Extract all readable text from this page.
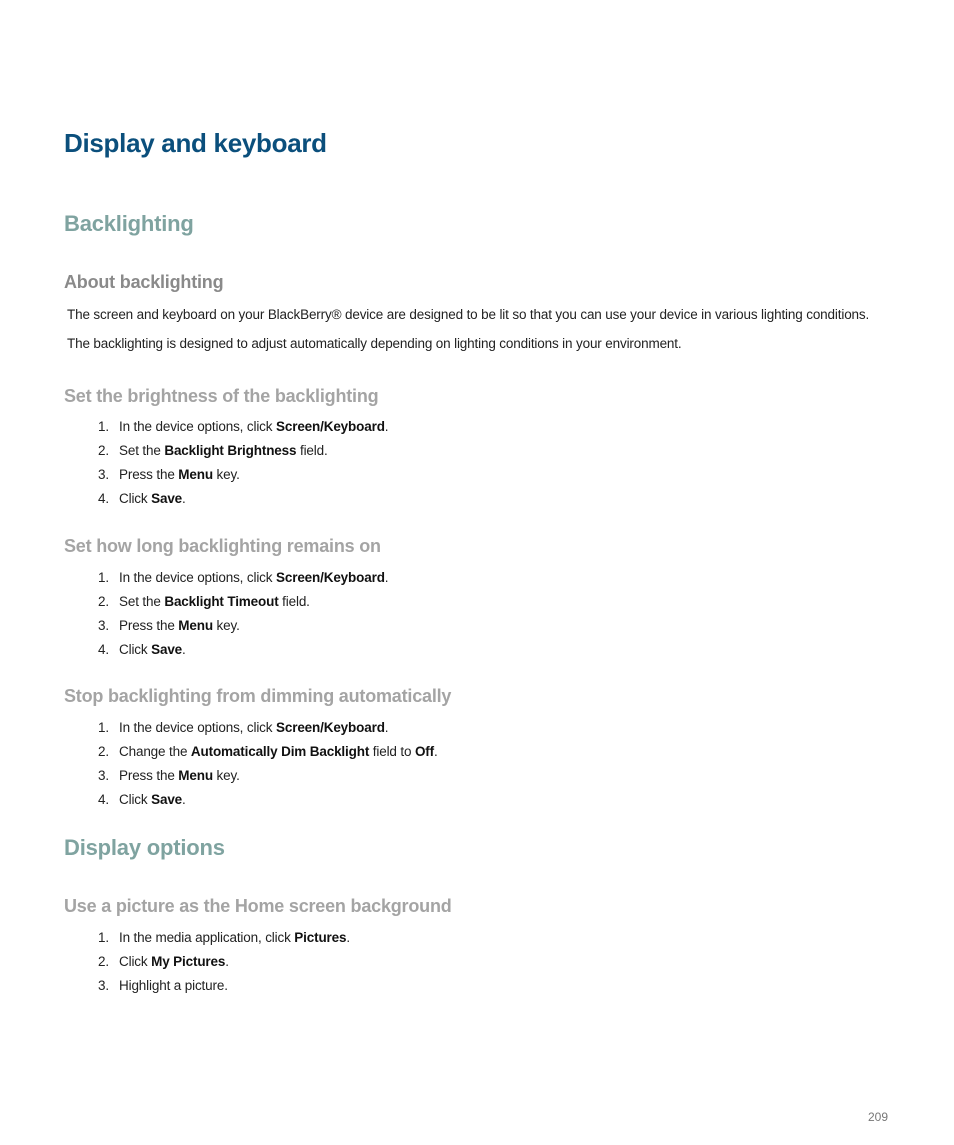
Display and keyboard
Backlighting
About backlighting
The screen and keyboard on your BlackBerry® device are designed to be lit so that you can use your device in various lighting conditions.
The backlighting is designed to adjust automatically depending on lighting conditions in your environment.
Set the brightness of the backlighting
1. In the device options, click Screen/Keyboard.
2. Set the Backlight Brightness field.
3. Press the Menu key.
4. Click Save.
Set how long backlighting remains on
1. In the device options, click Screen/Keyboard.
2. Set the Backlight Timeout field.
3. Press the Menu key.
4. Click Save.
Stop backlighting from dimming automatically
1. In the device options, click Screen/Keyboard.
2. Change the Automatically Dim Backlight field to Off.
3. Press the Menu key.
4. Click Save.
Display options
Use a picture as the Home screen background
1. In the media application, click Pictures.
2. Click My Pictures.
3. Highlight a picture.
209
